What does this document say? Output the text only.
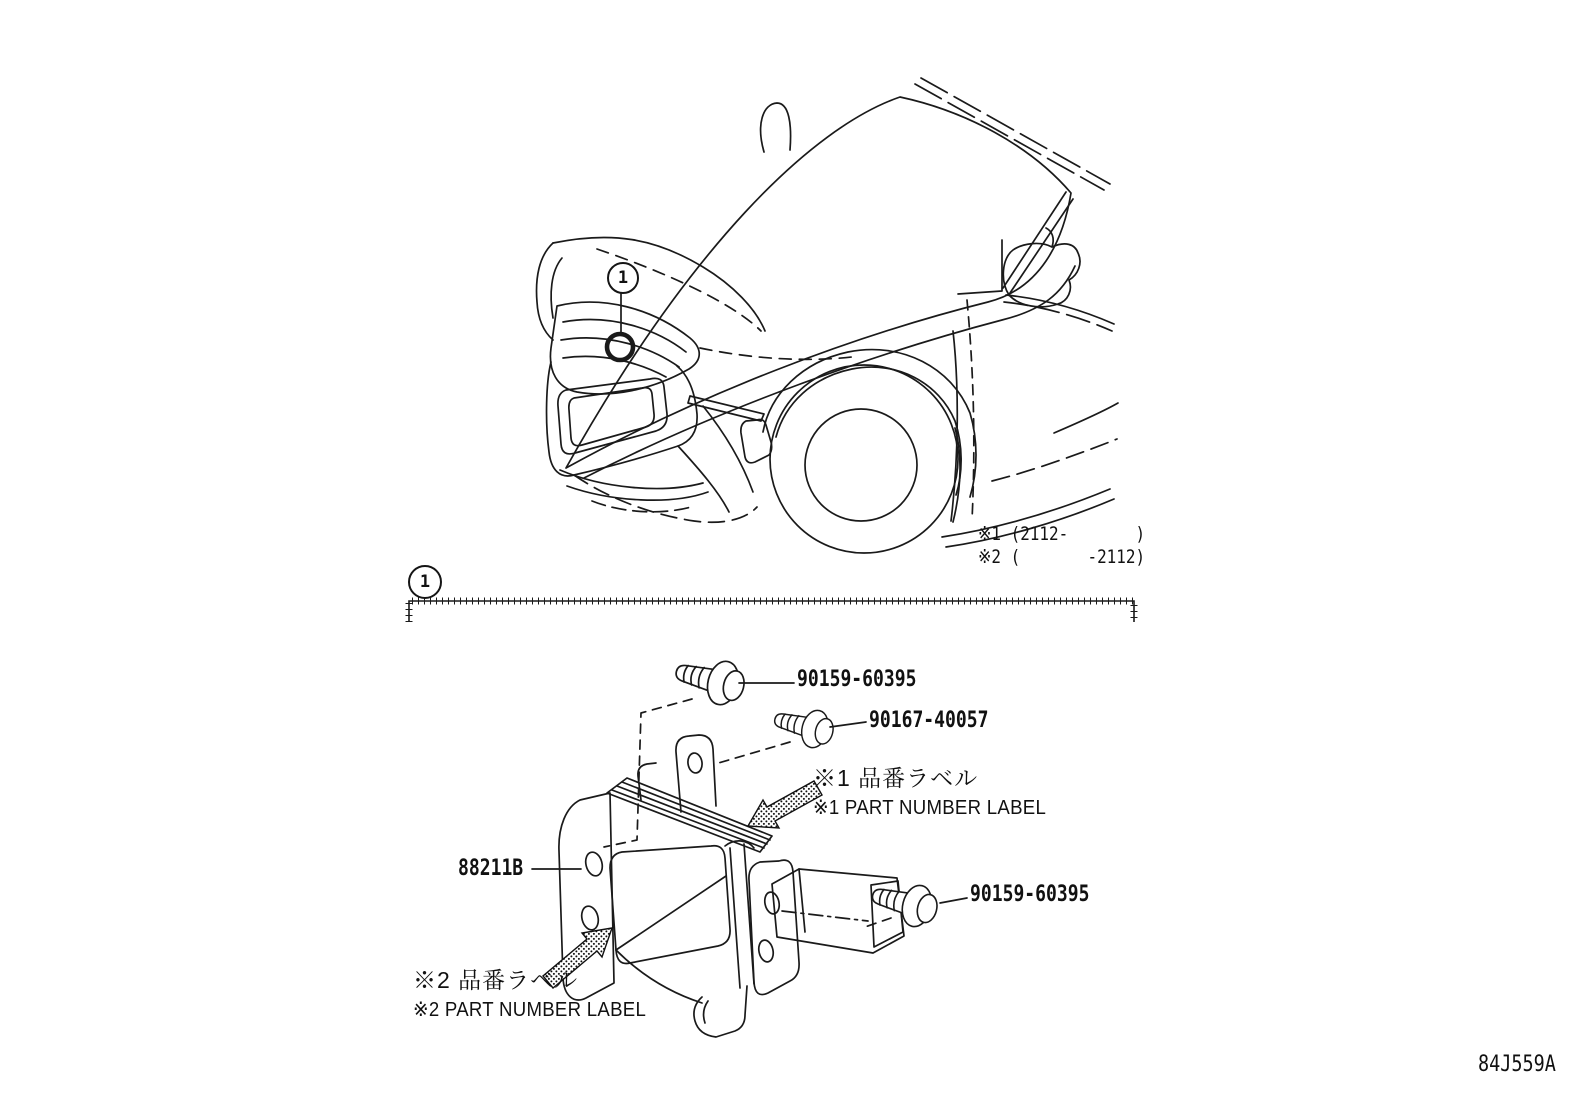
1
1
※1 (2112-       )
※2 (       -2112)
90159-60395
90167-40057
90159-60395
88211B
※1 品番ラベル
※1 PART NUMBER LABEL
※2 品番ラベル
※2 PART NUMBER LABEL
84J559A
